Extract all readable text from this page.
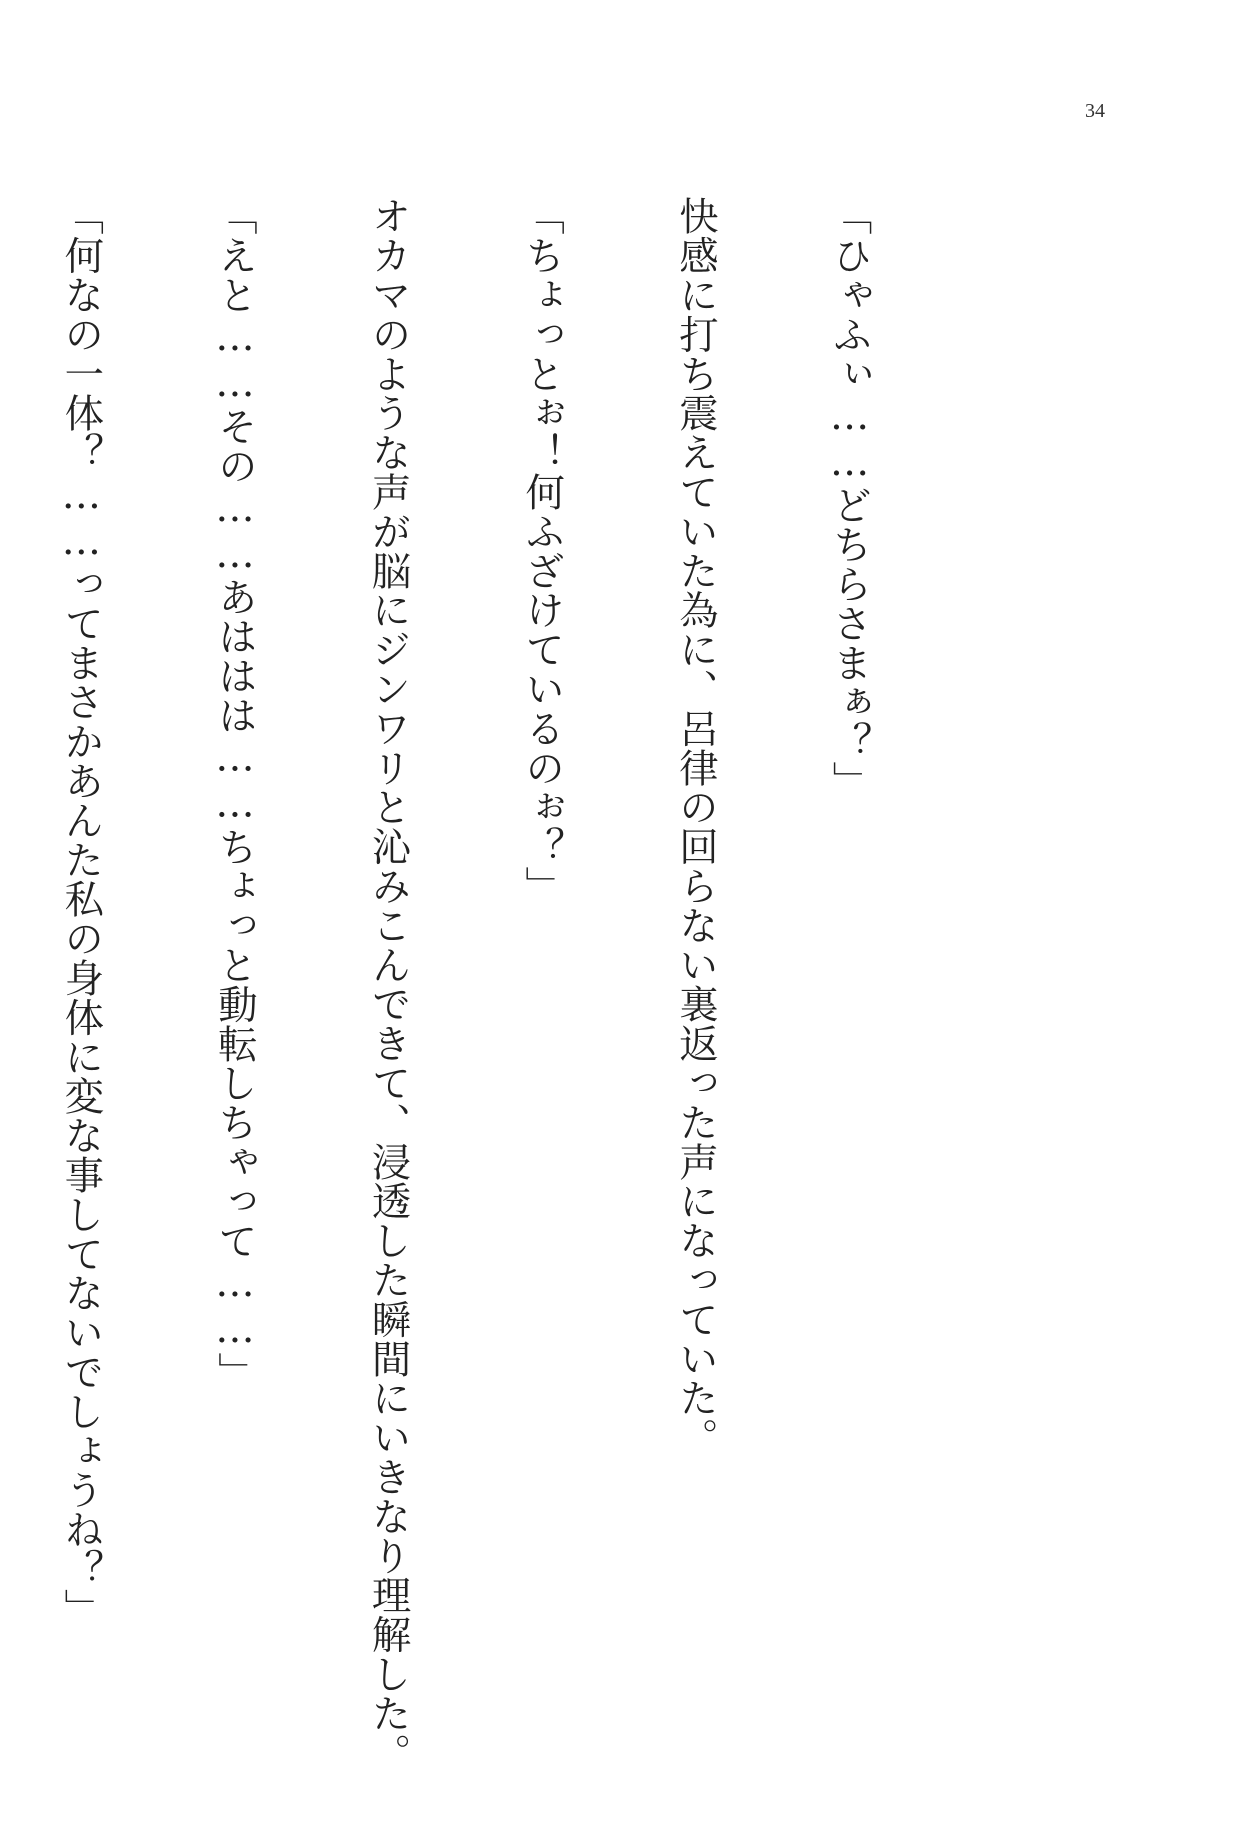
34

「ひゃふぃ……どちらさまぁ？」

快感に打ち震えていた為に、呂律の回らない裏返った声になっていた。

「ちょっとぉ！何ふざけているのぉ？」

オカマのような声が脳にジンワリと沁みこんできて、浸透した瞬間にいきなり理解した。

「えと……その……あははは……ちょっと動転しちゃって……」

「何なの一体？……ってまさかあんた私の身体に変な事してないでしょうね？」
